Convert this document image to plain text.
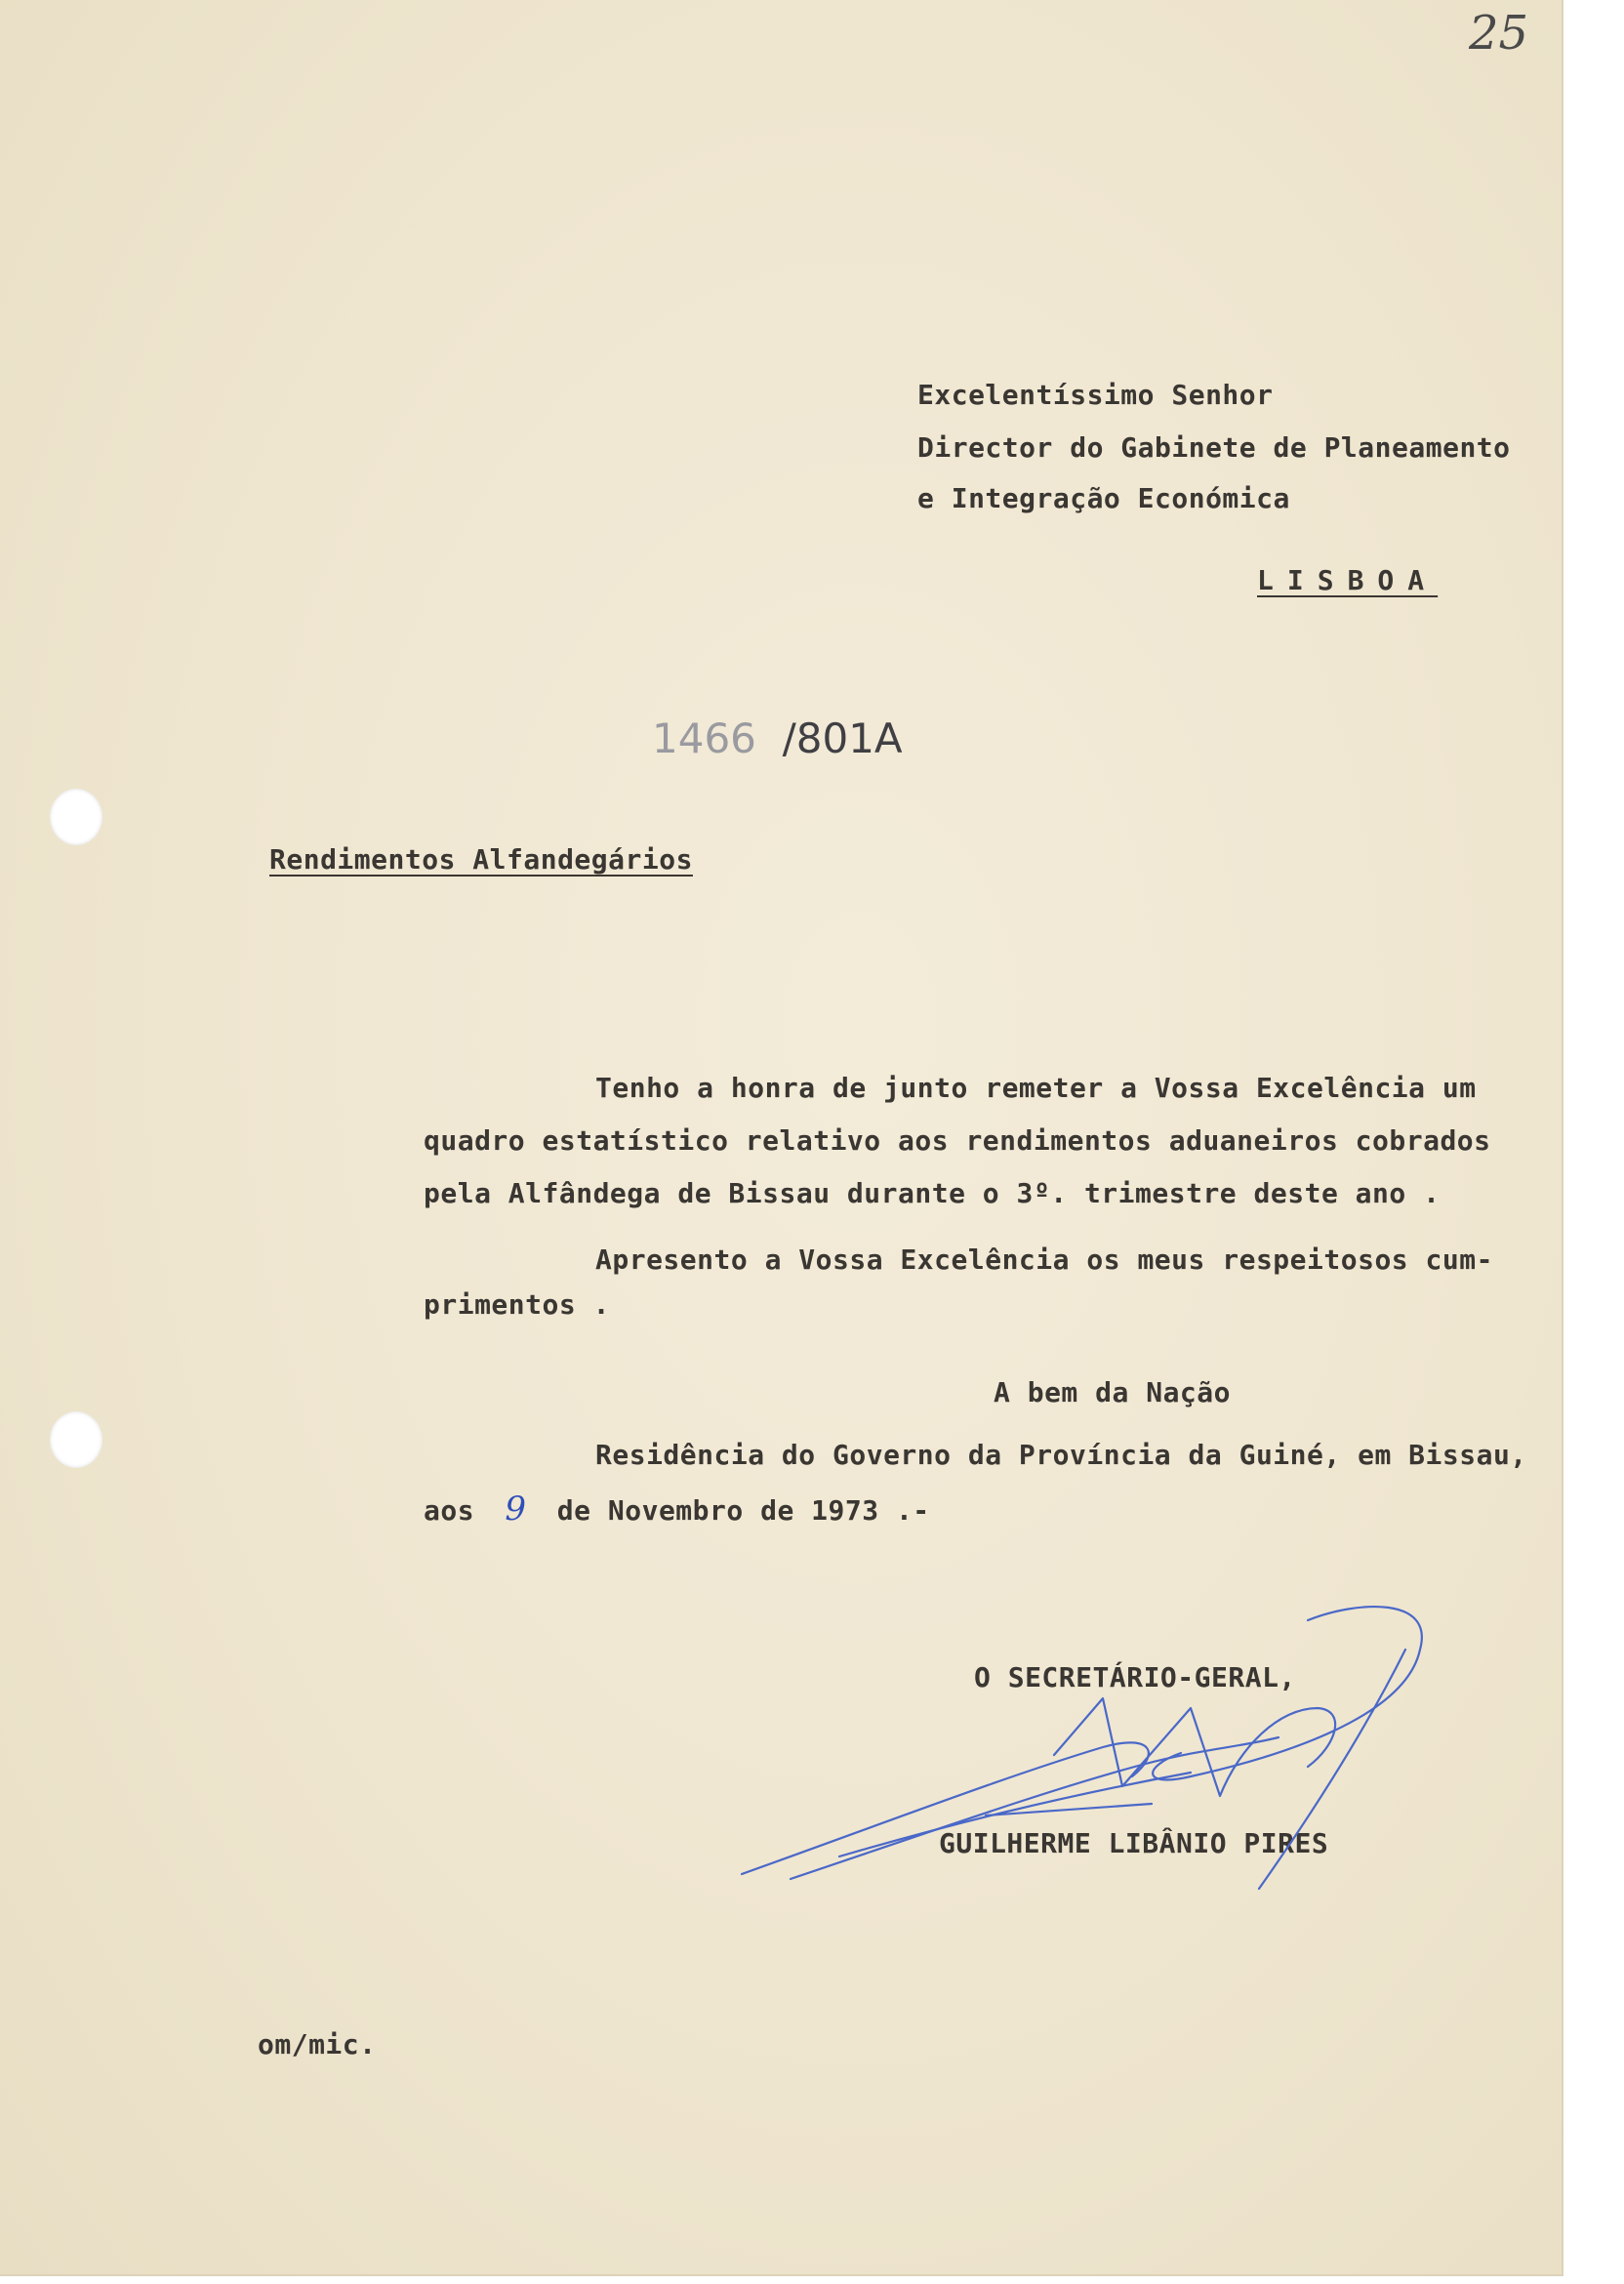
25
Excelentíssimo Senhor
Director do Gabinete de Planeamento
e Integração Económica
LISBOA
1466 /801A
Rendimentos Alfandegários
Tenho a honra de junto remeter a Vossa Excelência um
quadro estatístico relativo aos rendimentos aduaneiros cobrados
pela Alfândega de Bissau durante o 3º. trimestre deste ano .
Apresento a Vossa Excelência os meus respeitosos cum-
primentos .
A bem da Nação
Residência do Governo da Província da Guiné, em Bissau,
aos 9 de Novembro de 1973 .-
O SECRETÁRIO-GERAL,
GUILHERME LIBÂNIO PIRES
om/mic.
